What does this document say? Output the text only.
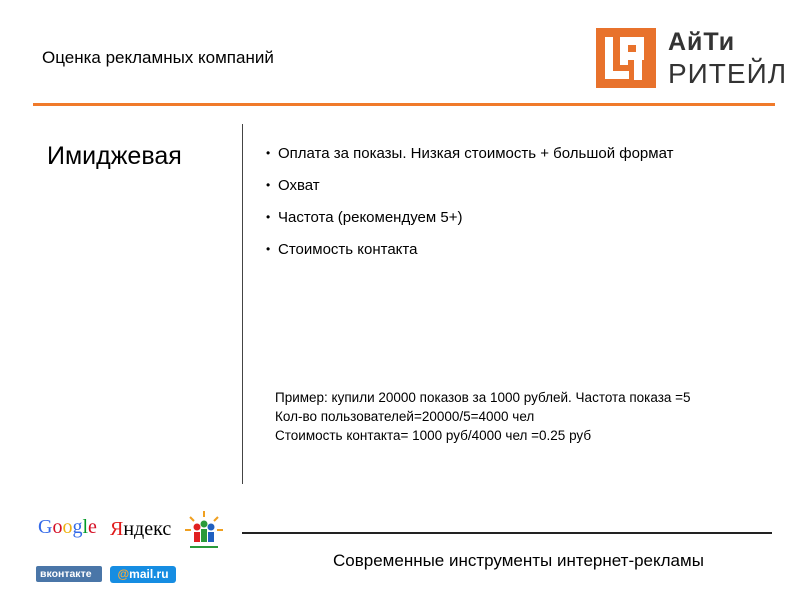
Оценка рекламных компаний
АйТи
РИТЕЙЛ
Имиджевая
•	Оплата за показы. Низкая стоимость + большой формат
• Охват
• Частота (рекомендуем 5+)
• Стоимость контакта
Пример: купили 20000 показов за 1000 рублей. Частота показа =5
Кол-во пользователей=20000/5=4000 чел
Стоимость контакта= 1000 руб/4000 чел =0.25 руб
Google Яндекс
вконтакте	@mail.ru
Современные инструменты интернет-рекламы
